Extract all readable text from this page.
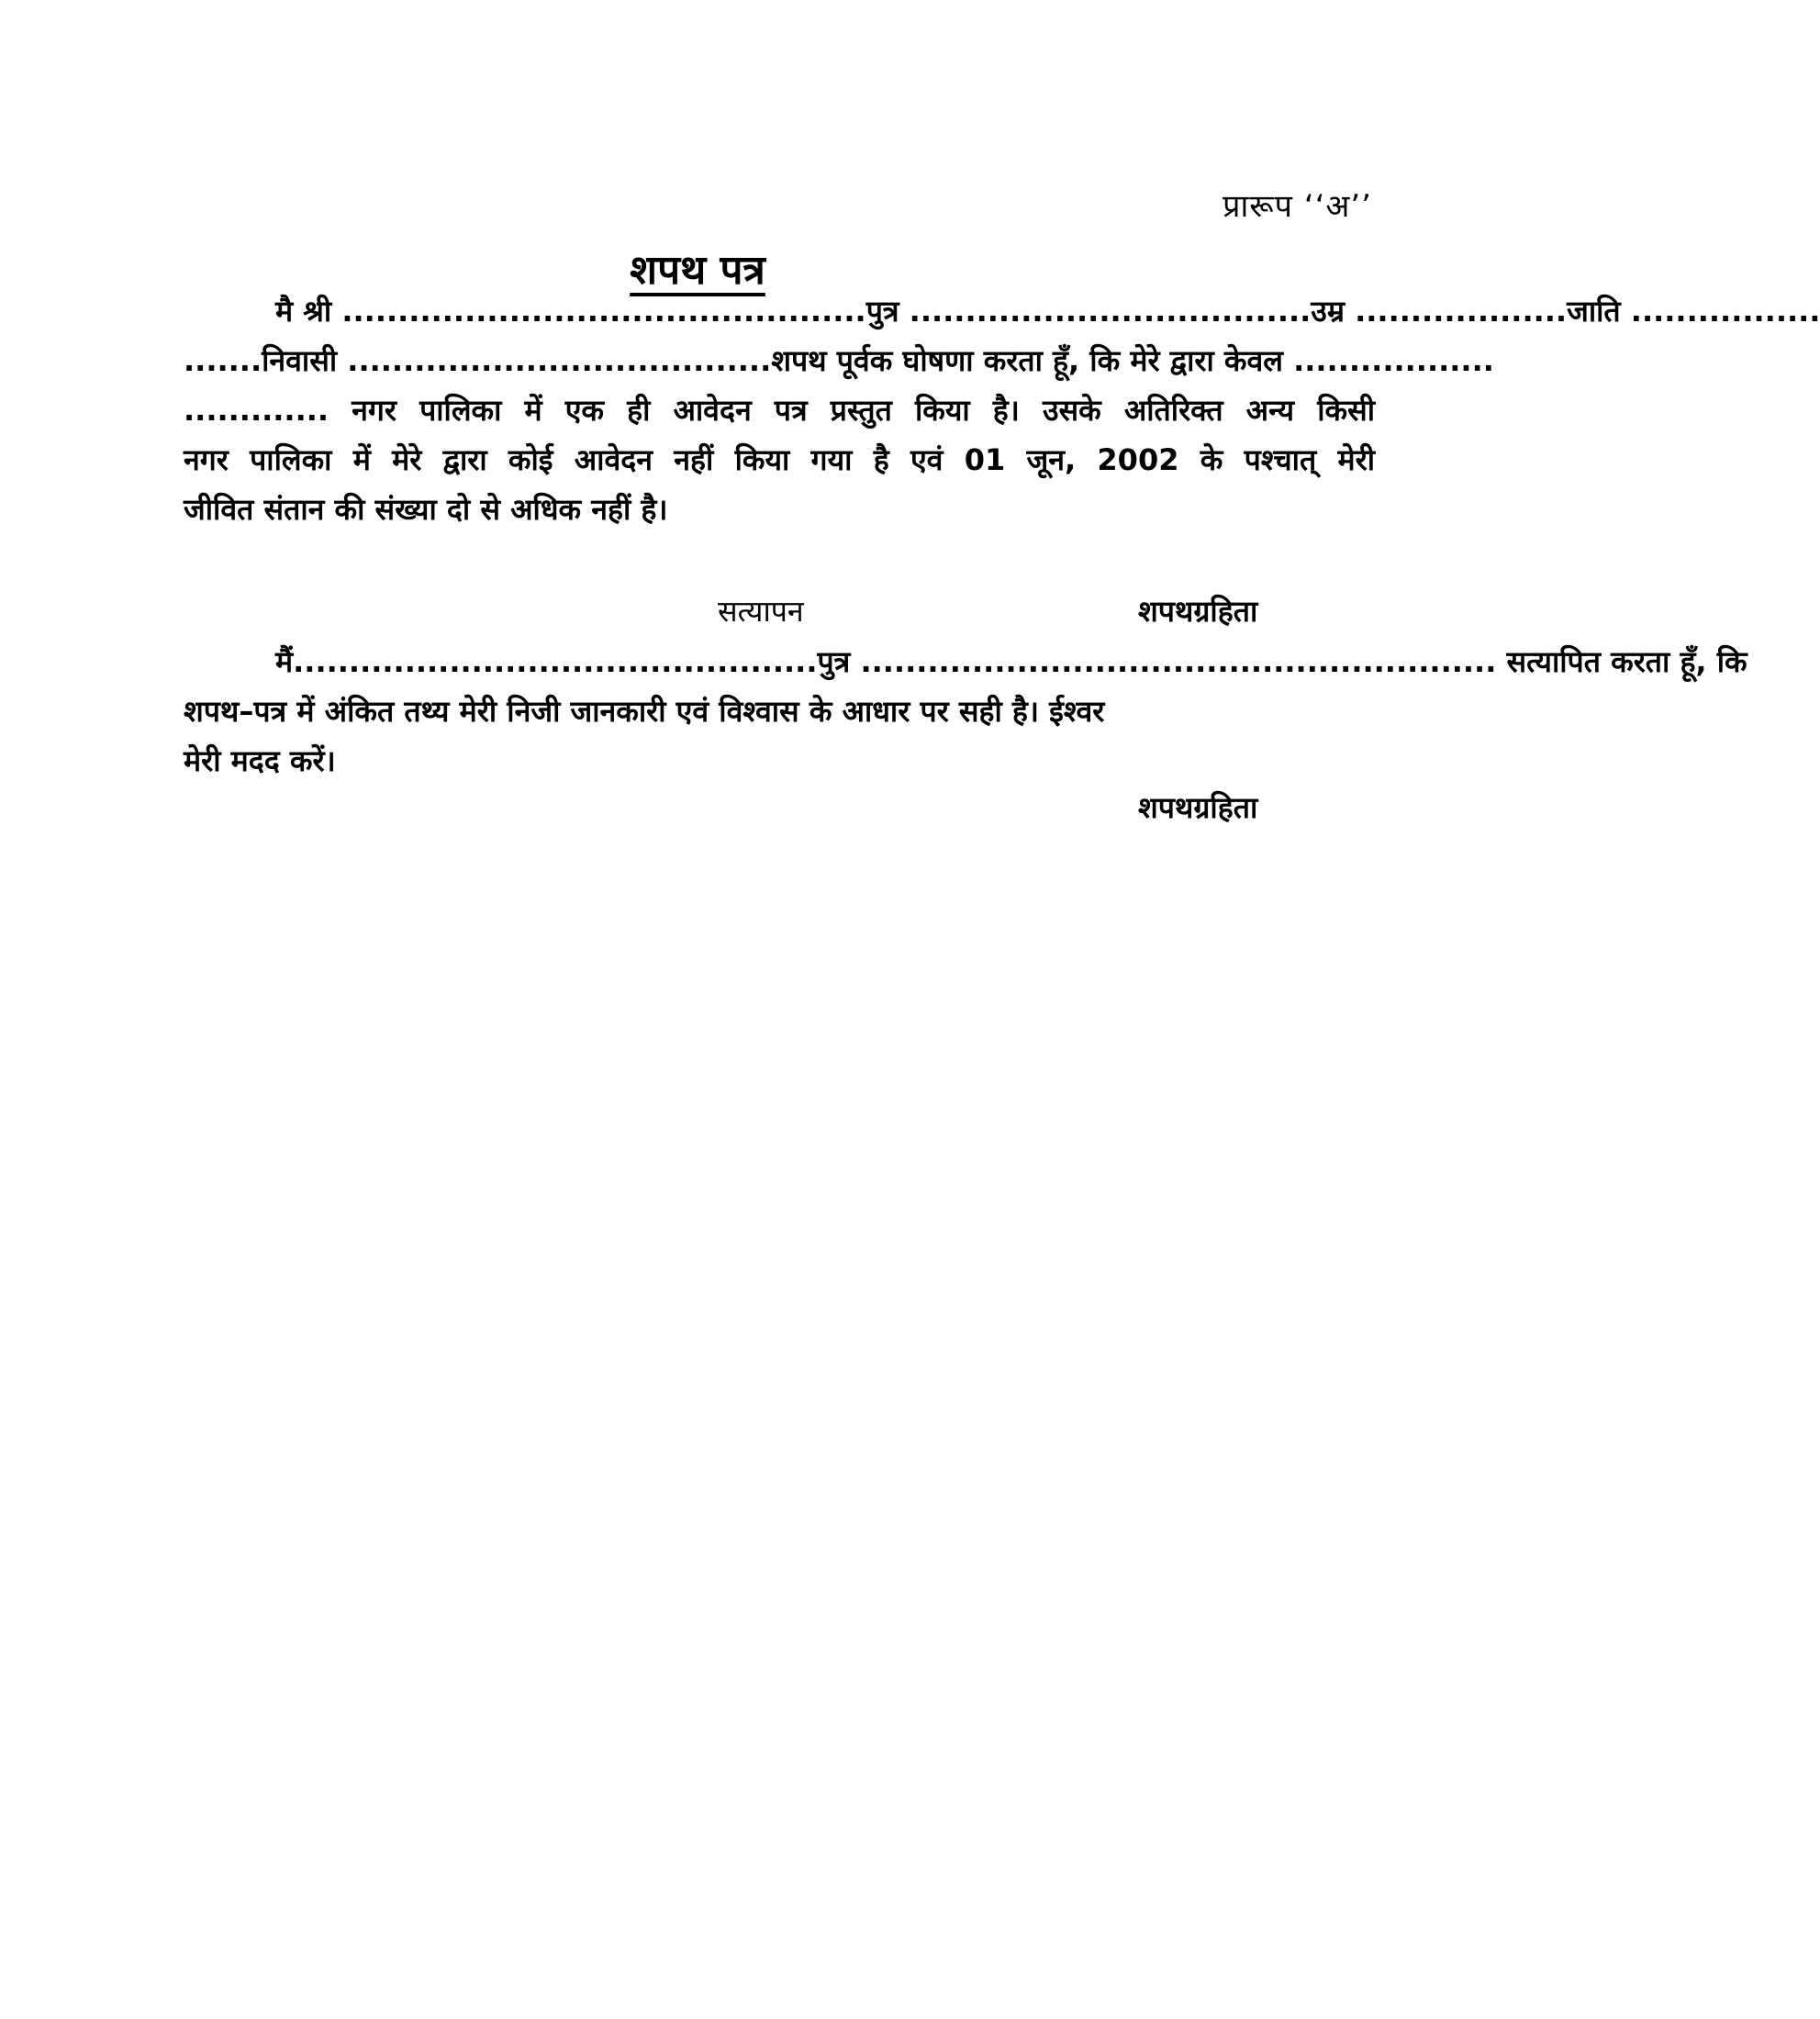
प्रारूप ‘‘अ’’
शपथ पत्र
मै श्री ...............................................पुत्र ....................................उम्र ...................जाति .................
.......निवासी ......................................शपथ पूर्वक घोषणा करता हूँ, कि मेरे द्वारा केवल ..................
............. नगर पालिका में एक ही आवेदन पत्र प्रस्तुत किया है। उसके अतिरिक्त अन्य किसी
नगर पालिका में मेरे द्वारा कोई आवेदन नहीं किया गया है एवं 01 जून, 2002 के पश्चात् मेरी
जीवित संतान की संख्या दो से अधिक नहीं है।
सत्यापन	शपथग्रहिता
मैं...............................................पुत्र ......................................................... सत्यापित करता हूँ, कि
शपथ–पत्र में अंकित तथ्य मेरी निजी जानकारी एवं विश्वास के आधार पर सही है। ईश्वर
मेरी मदद करें।
शपथग्रहिता
